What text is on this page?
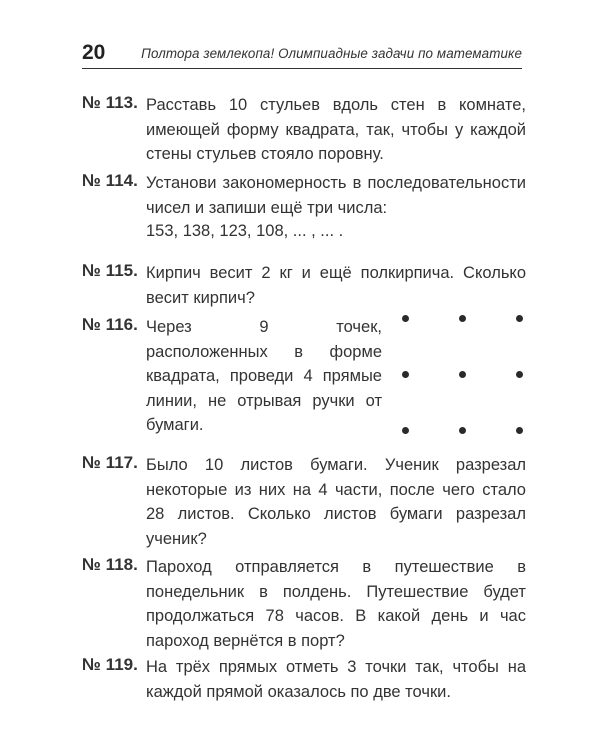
20	Полтора землекопа! Олимпиадные задачи по математике
№ 113. Расставь 10 стульев вдоль стен в комнате, имеющей форму квадрата, так, чтобы у каждой стены стульев стояло поровну.

№ 114. Установи закономерность в последовательности чисел и запиши ещё три числа:

153, 138, 123, 108, ... , ... .
№ 115. Кирпич весит 2 кг и ещё полкирпича. Сколько весит кирпич?

№ 116. Через 9 точек, расположенных в форме квадрата, проведи 4 прямые линии, не отрывая ручки от бумаги.

№ 117. Было 10 листов бумаги. Ученик разрезал некоторые из них на 4 части, после чего стало 28 листов. Сколько листов бумаги разрезал ученик?

№ 118. Пароход отправляется в путешествие в понедельник в полдень. Путешествие будет продолжаться 78 часов. В какой день и час пароход вернётся в порт?

№ 119. На трёх прямых отметь 3 точки так, чтобы на каждой прямой оказалось по две точки.
